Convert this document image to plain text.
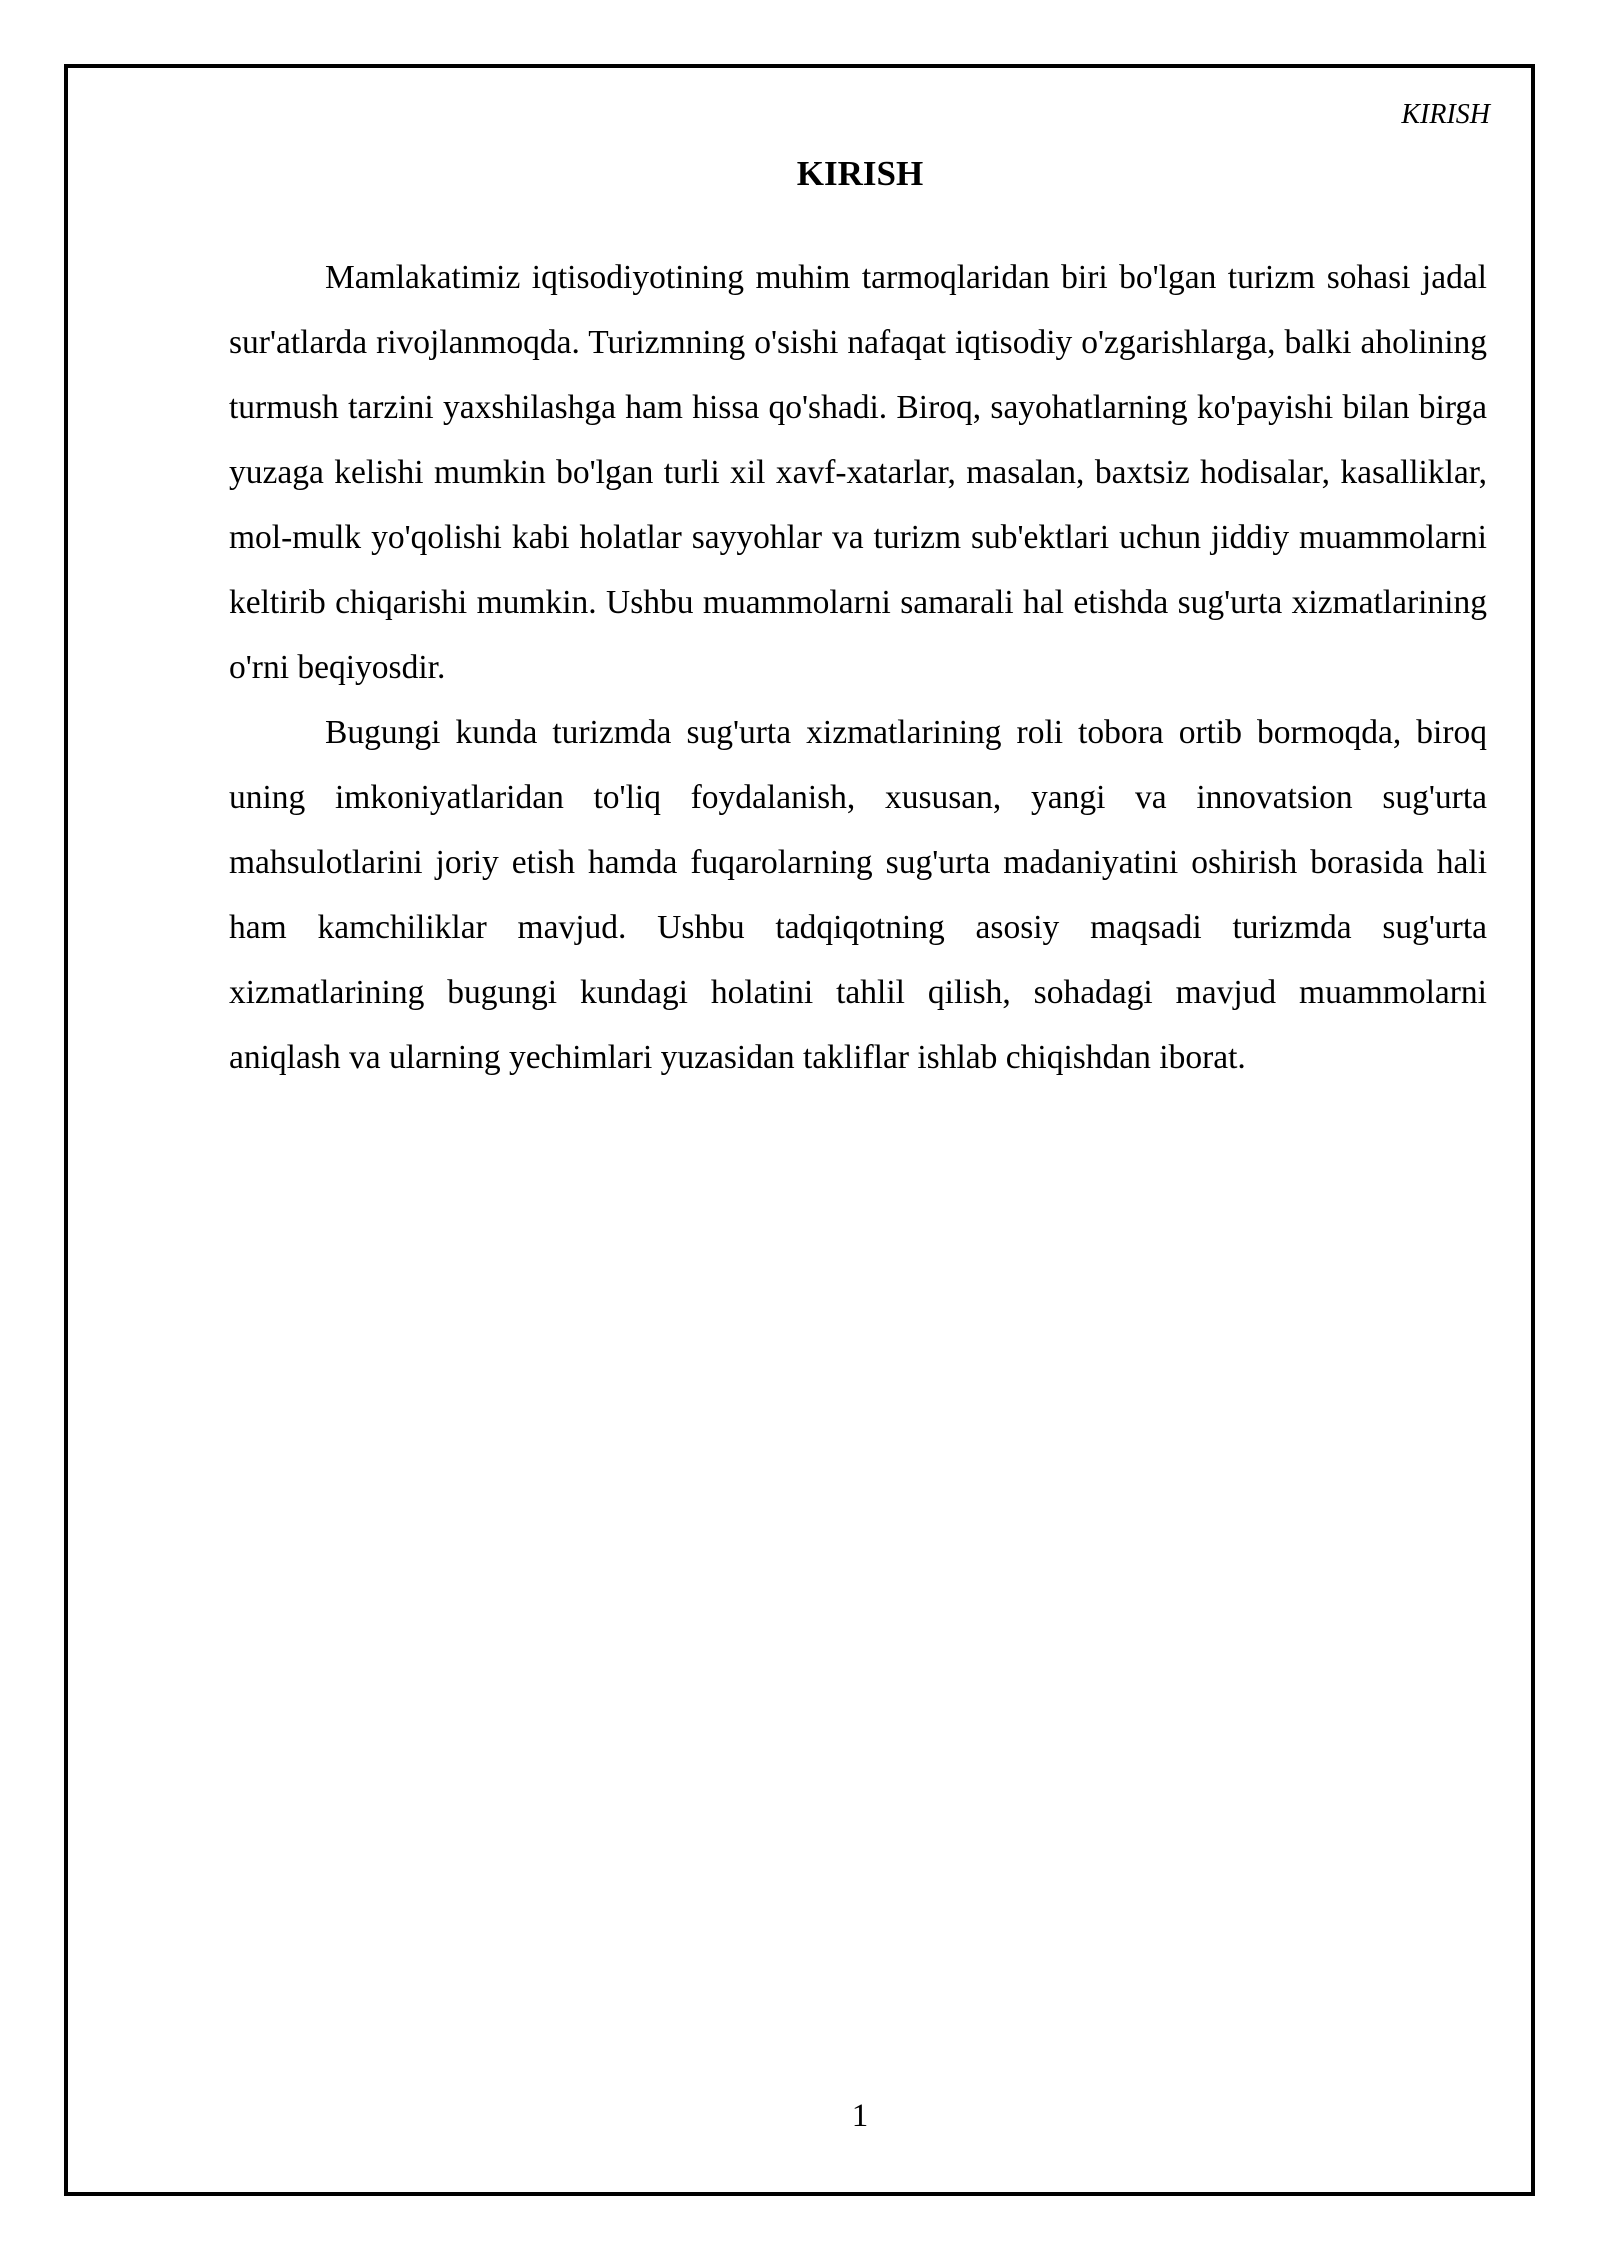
KIRISH
KIRISH

Mamlakatimiz iqtisodiyotining muhim tarmoqlaridan biri bo'lgan turizm sohasi jadal sur'atlarda rivojlanmoqda. Turizmning o'sishi nafaqat iqtisodiy o'zgarishlarga, balki aholining turmush tarzini yaxshilashga ham hissa qo'shadi. Biroq, sayohatlarning ko'payishi bilan birga yuzaga kelishi mumkin bo'lgan turli xil xavf-xatarlar, masalan, baxtsiz hodisalar, kasalliklar, mol-mulk yo'qolishi kabi holatlar sayyohlar va turizm sub'ektlari uchun jiddiy muammolarni keltirib chiqarishi mumkin. Ushbu muammolarni samarali hal etishda sug'urta xizmatlarining o'rni beqiyosdir.

Bugungi kunda turizmda sug'urta xizmatlarining roli tobora ortib bormoqda, biroq uning imkoniyatlaridan to'liq foydalanish, xususan, yangi va innovatsion sug'urta mahsulotlarini joriy etish hamda fuqarolarning sug'urta madaniyatini oshirish borasida hali ham kamchiliklar mavjud. Ushbu tadqiqotning asosiy maqsadi turizmda sug'urta xizmatlarining bugungi kundagi holatini tahlil qilish, sohadagi mavjud muammolarni aniqlash va ularning yechimlari yuzasidan takliflar ishlab chiqishdan iborat.

1
